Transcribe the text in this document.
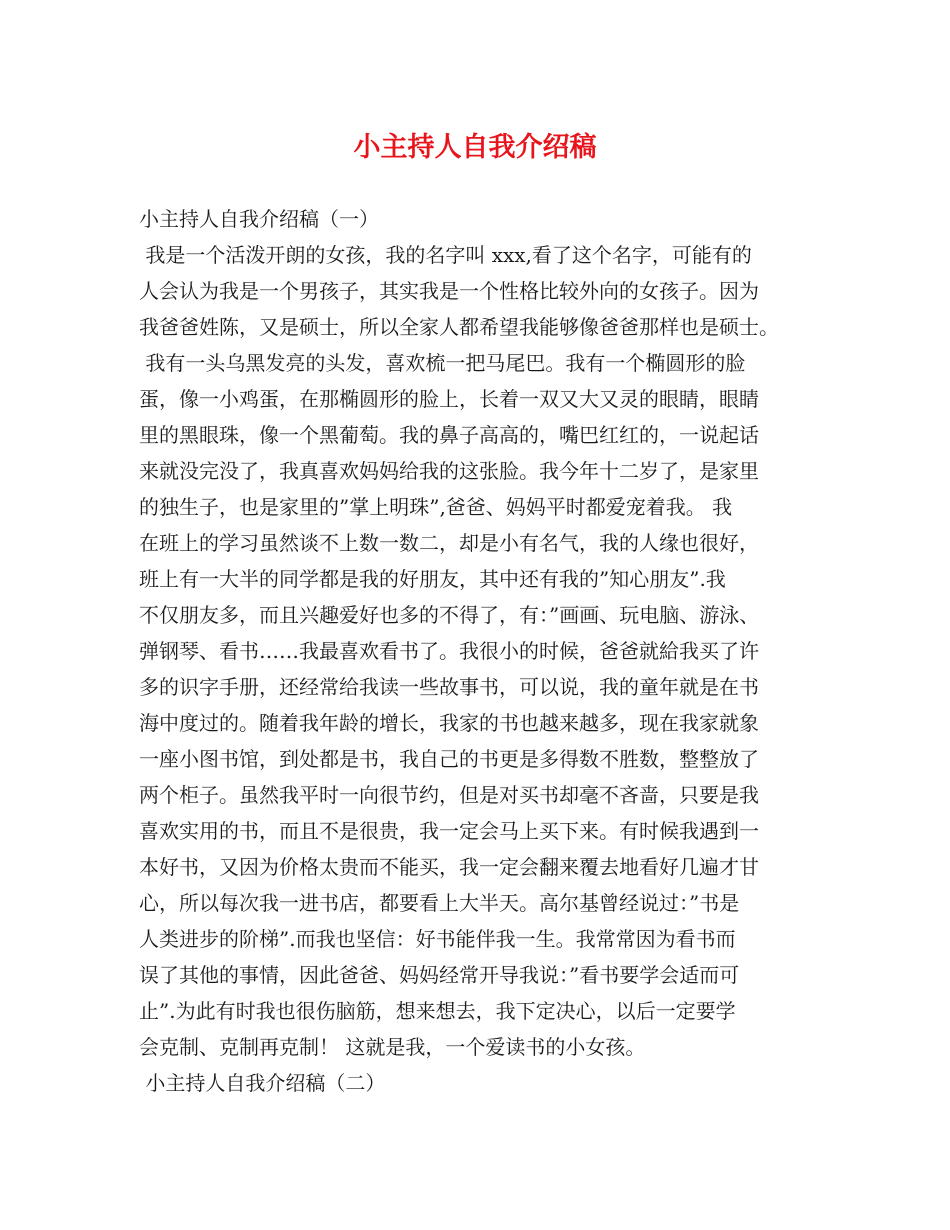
小主持人自我介绍稿

小主持人自我介绍稿（一）

我是一个活泼开朗的女孩，我的名字叫 xxx,看了这个名字，可能有的

人会认为我是一个男孩子，其实我是一个性格比较外向的女孩子。因为

我爸爸姓陈，又是硕士，所以全家人都希望我能够像爸爸那样也是硕士。

我有一头乌黑发亮的头发，喜欢梳一把马尾巴。我有一个椭圆形的脸

蛋，像一小鸡蛋，在那椭圆形的脸上，长着一双又大又灵的眼睛，眼睛

里的黑眼珠，像一个黑葡萄。我的鼻子高高的，嘴巴红红的，一说起话

来就没完没了，我真喜欢妈妈给我的这张脸。我今年十二岁了，是家里

的独生子，也是家里的”掌上明珠”,爸爸、妈妈平时都爱宠着我。 我

在班上的学习虽然谈不上数一数二，却是小有名气，我的人缘也很好，

班上有一大半的同学都是我的好朋友，其中还有我的”知心朋友”.我

不仅朋友多，而且兴趣爱好也多的不得了，有：”画画、玩电脑、游泳、

弹钢琴、看书……我最喜欢看书了。我很小的时候，爸爸就給我买了许

多的识字手册，还经常给我读一些故事书，可以说，我的童年就是在书

海中度过的。随着我年龄的增长，我家的书也越来越多，现在我家就象

一座小图书馆，到处都是书，我自己的书更是多得数不胜数，整整放了

两个柜子。虽然我平时一向很节约，但是对买书却毫不吝啬，只要是我

喜欢实用的书，而且不是很贵，我一定会马上买下来。有时候我遇到一

本好书，又因为价格太贵而不能买，我一定会翻来覆去地看好几遍才甘

心，所以每次我一进书店，都要看上大半天。高尔基曾经说过：”书是

人类进步的阶梯”.而我也坚信：好书能伴我一生。我常常因为看书而

误了其他的事情，因此爸爸、妈妈经常开导我说：”看书要学会适而可

止”.为此有时我也很伤脑筋，想来想去，我下定决心，以后一定要学

会克制、克制再克制！ 这就是我，一个爱读书的小女孩。

小主持人自我介绍稿（二）
